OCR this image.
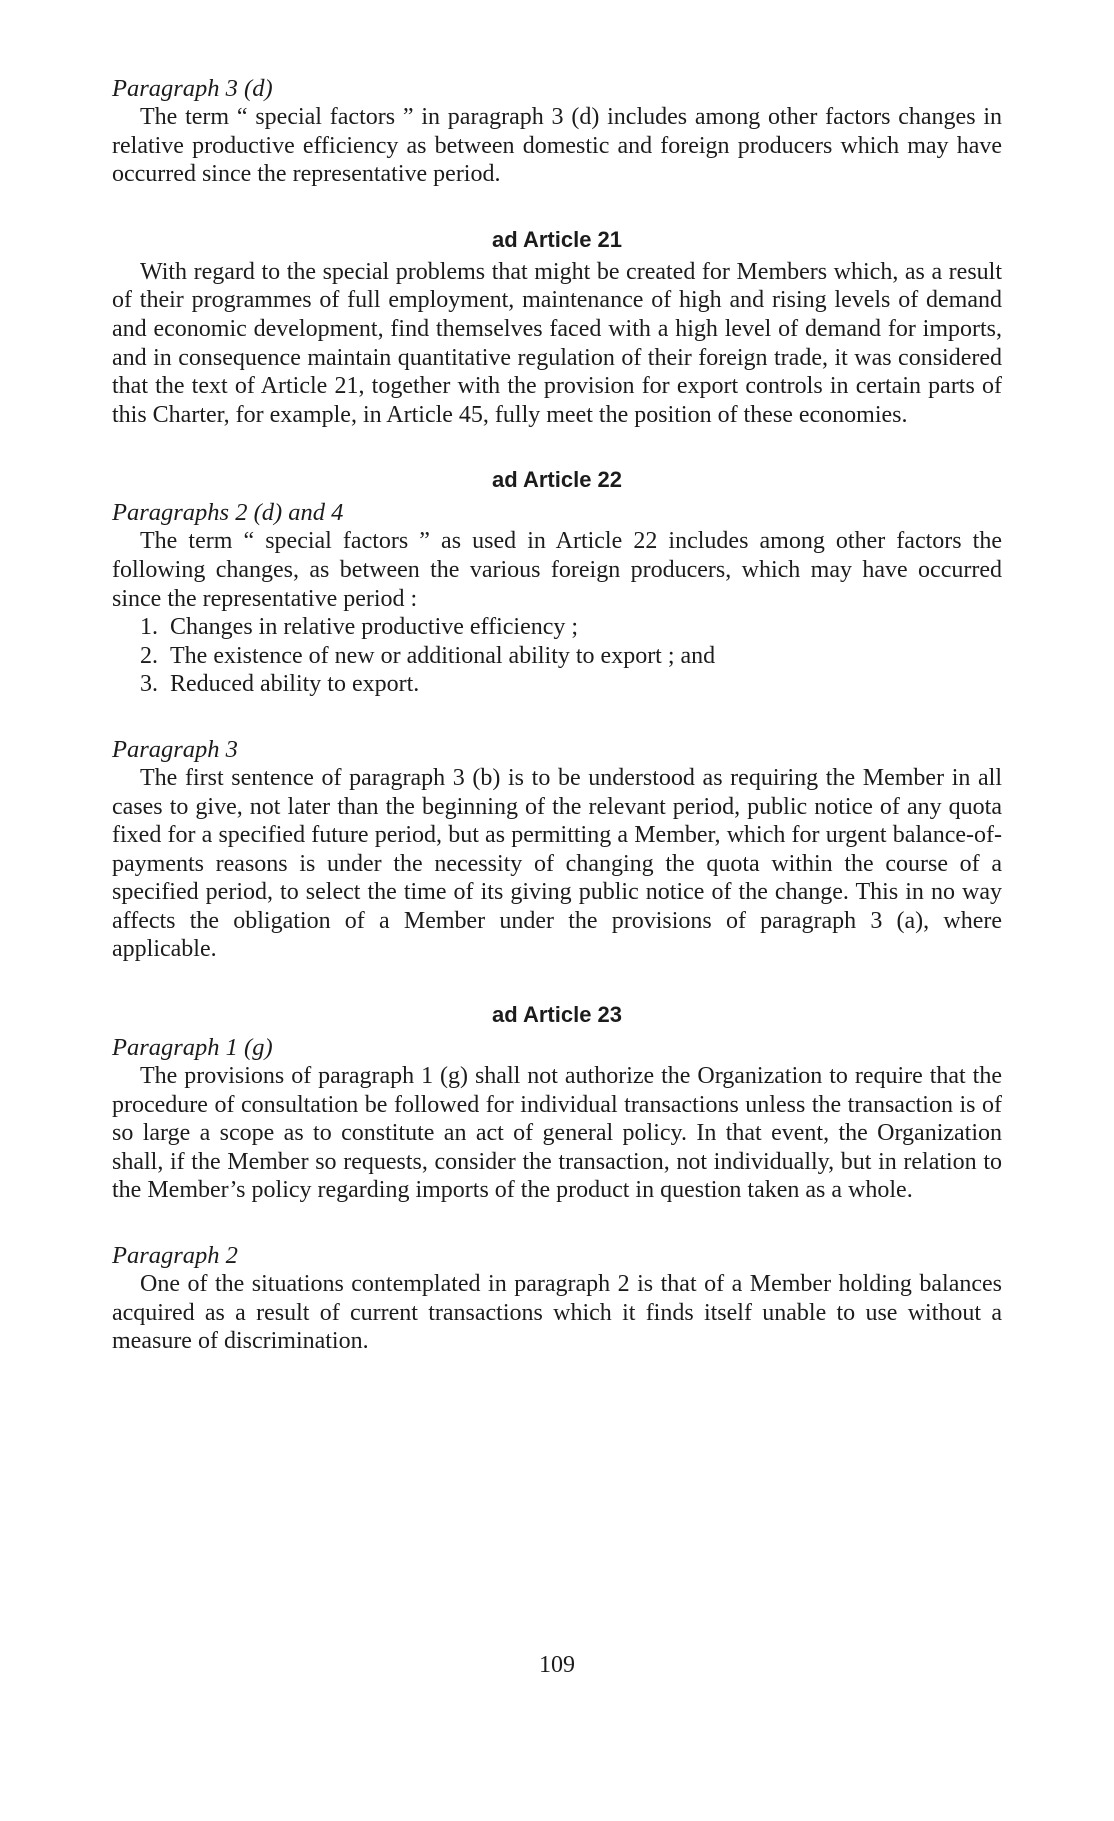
Paragraph 3 (d)

The term “ special factors ” in paragraph 3 (d) includes among other factors changes in relative productive efficiency as between domestic and foreign producers which may have occurred since the representative period.

ad Article 21

With regard to the special problems that might be created for Members which, as a result of their programmes of full employment, maintenance of high and rising levels of demand and economic development, find themselves faced with a high level of demand for imports, and in consequence maintain quantitative regulation of their foreign trade, it was considered that the text of Article 21, together with the provision for export controls in certain parts of this Charter, for example, in Article 45, fully meet the position of these economies.

ad Article 22

Paragraphs 2 (d) and 4

The term “ special factors ” as used in Article 22 includes among other factors the following changes, as between the various foreign producers, which may have occurred since the representative period :

1. Changes in relative productive efficiency ;
2. The existence of new or additional ability to export ; and
3. Reduced ability to export.

Paragraph 3

The first sentence of paragraph 3 (b) is to be understood as requiring the Member in all cases to give, not later than the beginning of the relevant period, public notice of any quota fixed for a specified future period, but as permitting a Member, which for urgent balance-of-payments reasons is under the necessity of changing the quota within the course of a specified period, to select the time of its giving public notice of the change. This in no way affects the obligation of a Member under the provisions of paragraph 3 (a), where applicable.

ad Article 23

Paragraph 1 (g)

The provisions of paragraph 1 (g) shall not authorize the Organization to require that the procedure of consultation be followed for individual transactions unless the transaction is of so large a scope as to constitute an act of general policy. In that event, the Organization shall, if the Member so requests, consider the transaction, not individually, but in relation to the Member’s policy regarding imports of the product in question taken as a whole.

Paragraph 2

One of the situations contemplated in paragraph 2 is that of a Member holding balances acquired as a result of current transactions which it finds itself unable to use without a measure of discrimination.

109
